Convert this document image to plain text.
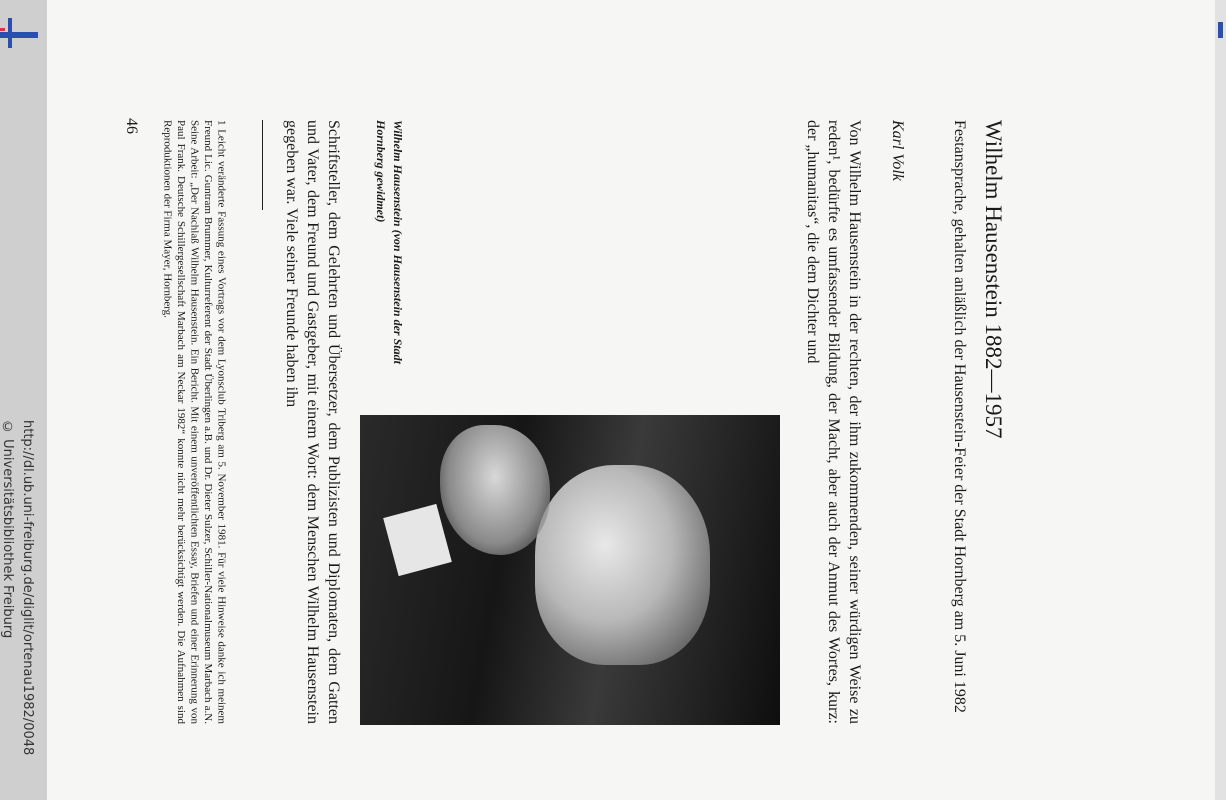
http://dl.ub.uni-freiburg.de/diglit/ortenau1982/0048
© Universitätsbibliothek Freiburg
Wilhelm Hausenstein 1882—1957
Festansprache, gehalten anläßlich der Hausenstein-Feier der Stadt Hornberg am 5. Juni 1982
Karl Volk
Von Wilhelm Hausenstein in der rechten, der ihm zukommenden, seiner würdigen Weise zu reden¹, bedürfte es umfassender Bildung, der Macht, aber auch der Anmut des Wortes, kurz: der „humanitas“, die dem Dichter und
Wilhelm Hausenstein (von Hausenstein der Stadt Hornberg gewidmet)
Schriftsteller, dem Gelehrten und Übersetzer, dem Publizisten und Diplomaten, dem Gatten und Vater, dem Freund und Gastgeber, mit einem Wort: dem Menschen Wilhelm Hausenstein gegeben war. Viele seiner Freunde haben ihn
1 Leicht veränderte Fassung eines Vortrags vor dem Lyonsclub Triberg am 5. November 1981. Für viele Hinweise danke ich meinem Freund Lic. Guntram Brummer, Kulturreferent der Stadt Überlingen a.B. und Dr. Dieter Sulzer, Schiller-Nationalmuseum Marbach a.N. Seine Arbeit: „Der Nachlaß Wilhelm Hausenstein. Ein Bericht. Mit einem unveröffentlichten Essay, Briefen und einer Erinnerung von Paul Frank. Deutsche Schillergesellschaft Marbach am Neckar 1982“ konnte nicht mehr berücksichtigt werden. Die Aufnahmen sind Reproduktionen der Firma Mayer, Hornberg.
46
